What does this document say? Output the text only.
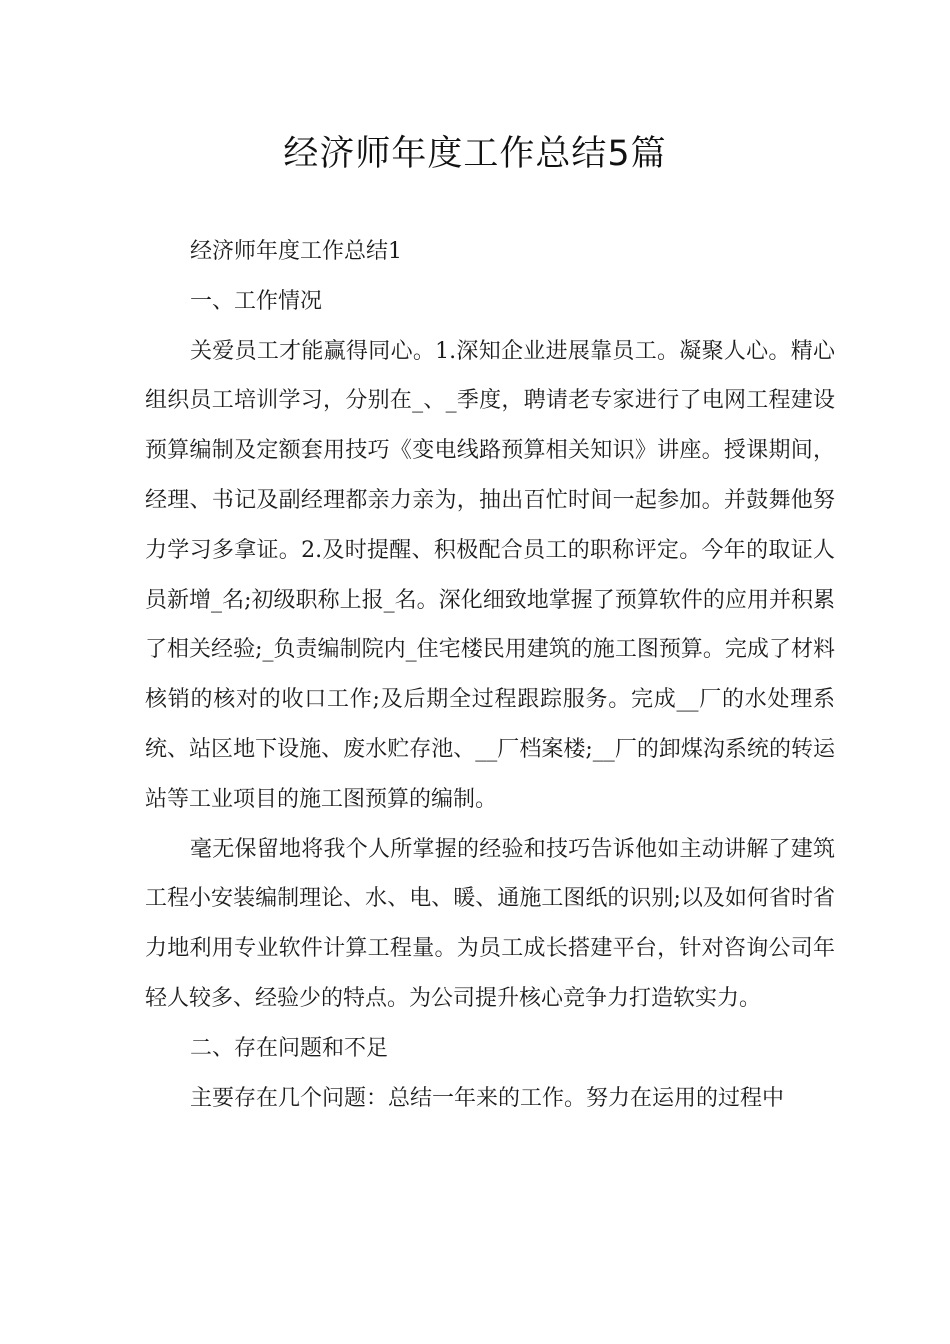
经济师年度工作总结5篇

经济师年度工作总结1

一、工作情况

关爱员工才能赢得同心。1.深知企业进展靠员工。凝聚人心。精心组织员工培训学习，分别在_、_季度，聘请老专家进行了电网工程建设预算编制及定额套用技巧《变电线路预算相关知识》讲座。授课期间，经理、书记及副经理都亲力亲为，抽出百忙时间一起参加。并鼓舞他努力学习多拿证。2.及时提醒、积极配合员工的职称评定。今年的取证人员新增_名;初级职称上报_名。深化细致地掌握了预算软件的应用并积累了相关经验;_负责编制院内_住宅楼民用建筑的施工图预算。完成了材料核销的核对的收口工作;及后期全过程跟踪服务。完成__厂的水处理系统、站区地下设施、废水贮存池、__厂档案楼;__厂的卸煤沟系统的转运站等工业项目的施工图预算的编制。

毫无保留地将我个人所掌握的经验和技巧告诉他如主动讲解了建筑工程小安装编制理论、水、电、暖、通施工图纸的识别;以及如何省时省力地利用专业软件计算工程量。为员工成长搭建平台，针对咨询公司年轻人较多、经验少的特点。为公司提升核心竞争力打造软实力。

二、存在问题和不足

主要存在几个问题：总结一年来的工作。努力在运用的过程中
